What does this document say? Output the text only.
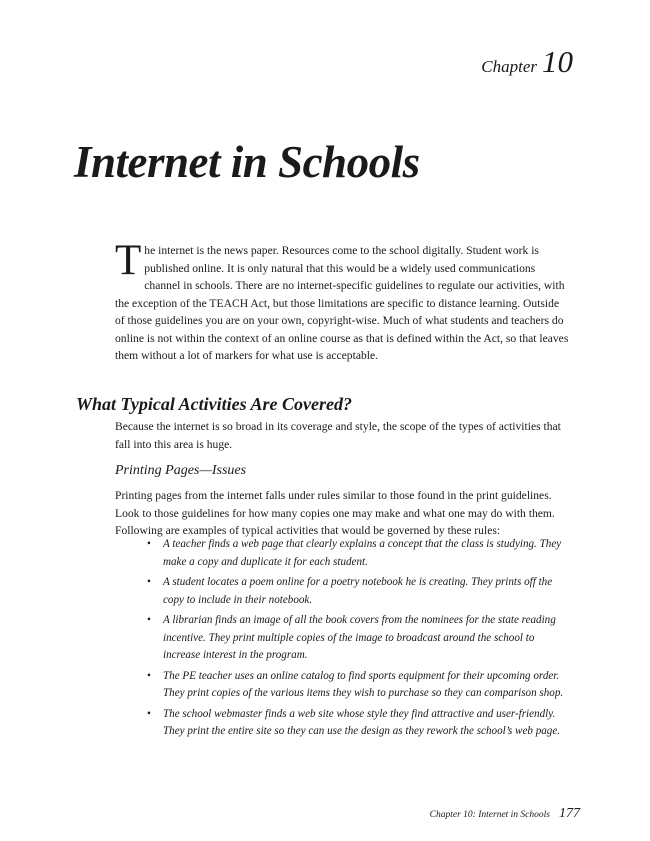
Chapter 10
Internet in Schools

The internet is the news paper. Resources come to the school digitally. Student work is published online. It is only natural that this would be a widely used communications channel in schools. There are no internet-specific guidelines to regulate our activities, with the exception of the TEACH Act, but those limitations are specific to distance learning. Outside of those guidelines you are on your own, copyright-wise. Much of what students and teachers do online is not within the context of an online course as that is defined within the Act, so that leaves them without a lot of markers for what use is acceptable.

What Typical Activities Are Covered?

Because the internet is so broad in its coverage and style, the scope of the types of activities that fall into this area is huge.

Printing Pages—Issues

Printing pages from the internet falls under rules similar to those found in the print guidelines. Look to those guidelines for how many copies one may make and what one may do with them. Following are examples of typical activities that would be governed by these rules:

• A teacher finds a web page that clearly explains a concept that the class is studying. They make a copy and duplicate it for each student.
• A student locates a poem online for a poetry notebook he is creating. They prints off the copy to include in their notebook.
• A librarian finds an image of all the book covers from the nominees for the state reading incentive. They print multiple copies of the image to broadcast around the school to increase interest in the program.
• The PE teacher uses an online catalog to find sports equipment for their upcoming order. They print copies of the various items they wish to purchase so they can comparison shop.
• The school webmaster finds a web site whose style they find attractive and user-friendly. They print the entire site so they can use the design as they rework the school’s web page.
Chapter 10: Internet in Schools 177
